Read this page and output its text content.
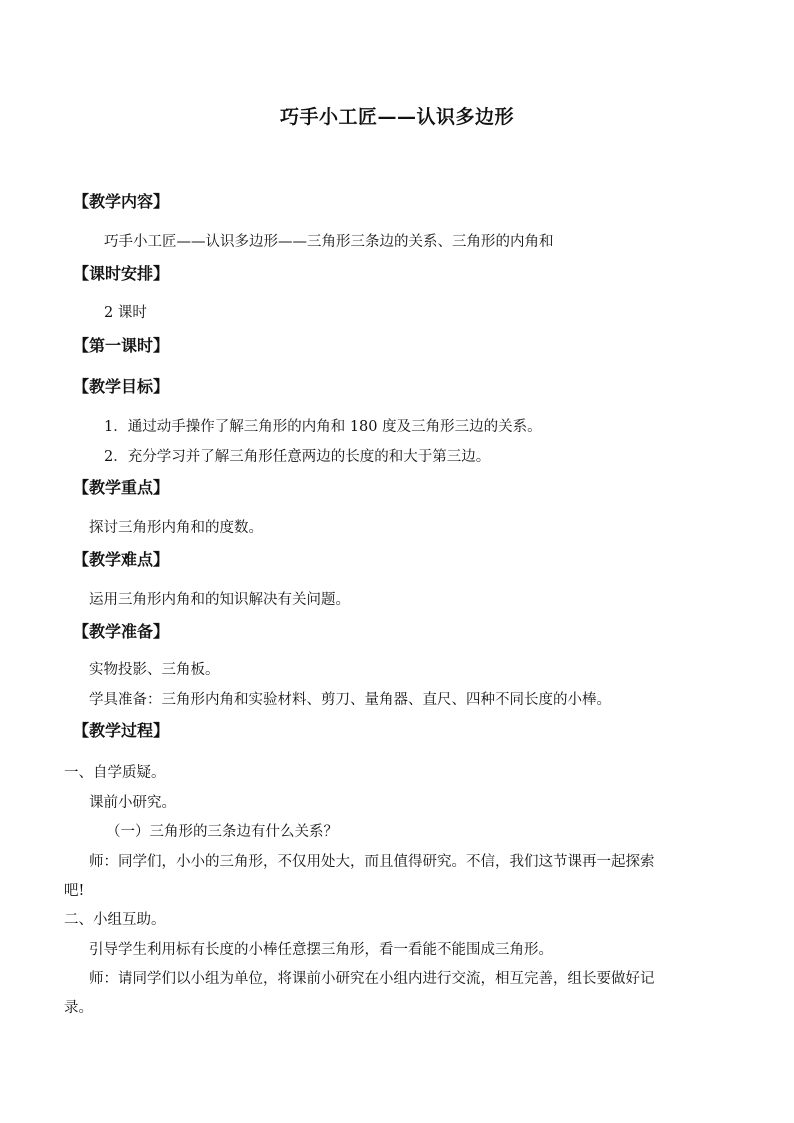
巧手小工匠——认识多边形
【教学内容】
巧手小工匠——认识多边形——三角形三条边的关系、三角形的内角和
【课时安排】
2 课时
【第一课时】
【教学目标】
1．通过动手操作了解三角形的内角和 180 度及三角形三边的关系。
2．充分学习并了解三角形任意两边的长度的和大于第三边。
【教学重点】
探讨三角形内角和的度数。
【教学难点】
运用三角形内角和的知识解决有关问题。
【教学准备】
实物投影、三角板。
学具准备：三角形内角和实验材料、剪刀、量角器、直尺、四种不同长度的小棒。
【教学过程】
一、自学质疑。
课前小研究。
（一）三角形的三条边有什么关系？
师：同学们，小小的三角形，不仅用处大，而且值得研究。不信，我们这节课再一起探索
吧!
二、小组互助。
引导学生利用标有长度的小棒任意摆三角形，看一看能不能围成三角形。
师：请同学们以小组为单位，将课前小研究在小组内进行交流，相互完善，组长要做好记
录。
